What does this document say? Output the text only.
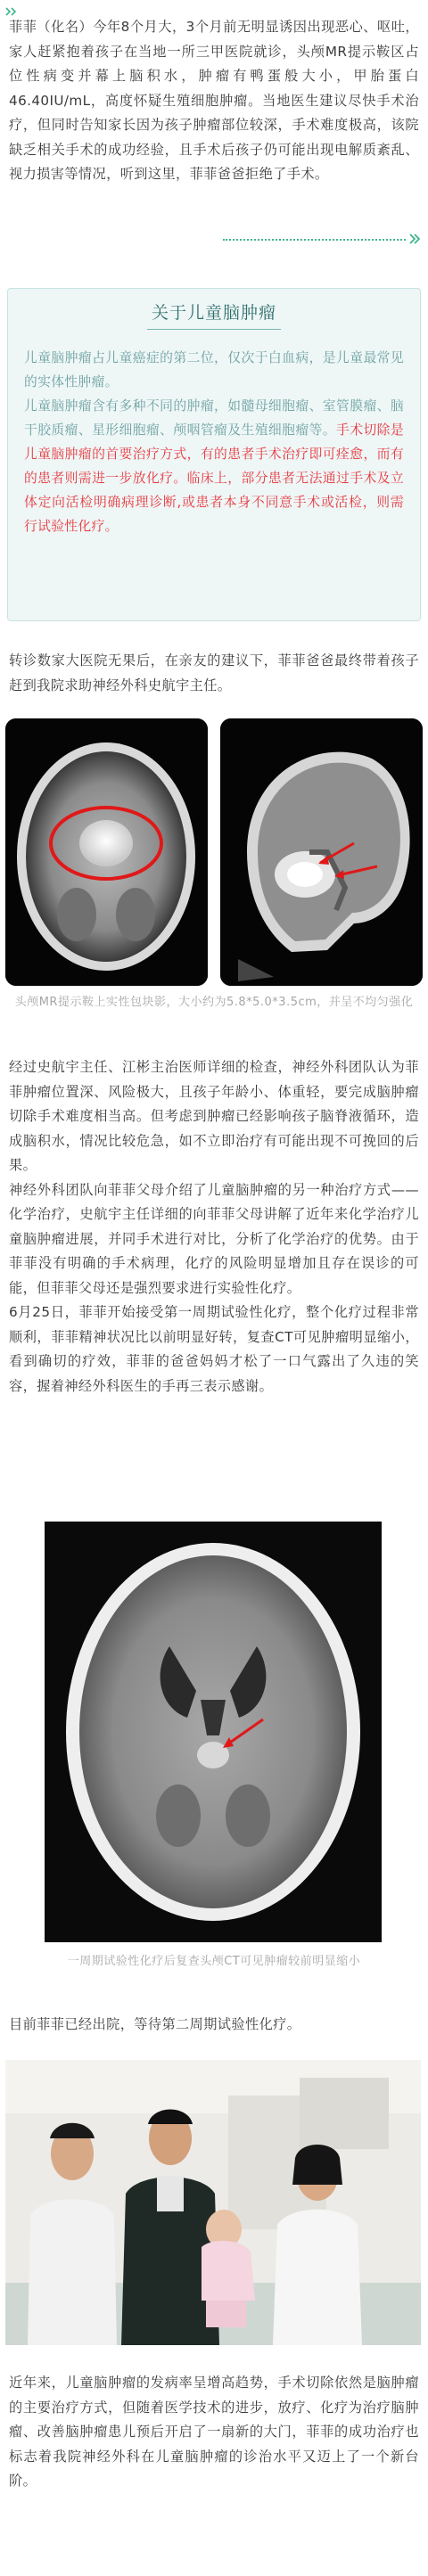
菲菲（化名）今年8个月大，3个月前无明显诱因出现恶心、呕吐，家人赶紧抱着孩子在当地一所三甲医院就诊，头颅MR提示鞍区占位性病变并幕上脑积水，肿瘤有鸭蛋般大小，甲胎蛋白46.40IU/mL，高度怀疑生殖细胞肿瘤。当地医生建议尽快手术治疗，但同时告知家长因为孩子肿瘤部位较深，手术难度极高，该院缺乏相关手术的成功经验，且手术后孩子仍可能出现电解质紊乱、视力损害等情况，听到这里，菲菲爸爸拒绝了手术。

关于儿童脑肿瘤

儿童脑肿瘤占儿童癌症的第二位，仅次于白血病，是儿童最常见的实体性肿瘤。

儿童脑肿瘤含有多种不同的肿瘤，如髓母细胞瘤、室管膜瘤、脑干胶质瘤、星形细胞瘤、颅咽管瘤及生殖细胞瘤等。手术切除是儿童脑肿瘤的首要治疗方式，有的患者手术治疗即可痊愈，而有的患者则需进一步放化疗。临床上，部分患者无法通过手术及立体定向活检明确病理诊断,或患者本身不同意手术或活检，则需行试验性化疗。

转诊数家大医院无果后，在亲友的建议下，菲菲爸爸最终带着孩子赶到我院求助神经外科史航宇主任。

头颅MR提示鞍上实性包块影，大小约为5.8*5.0*3.5cm，并呈不均匀强化

经过史航宇主任、江彬主治医师详细的检查，神经外科团队认为菲菲肿瘤位置深、风险极大，且孩子年龄小、体重轻，要完成脑肿瘤切除手术难度相当高。但考虑到肿瘤已经影响孩子脑脊液循环，造成脑积水，情况比较危急，如不立即治疗有可能出现不可挽回的后果。

神经外科团队向菲菲父母介绍了儿童脑肿瘤的另一种治疗方式——化学治疗，史航宇主任详细的向菲菲父母讲解了近年来化学治疗儿童脑肿瘤进展，并同手术进行对比，分析了化学治疗的优势。由于菲菲没有明确的手术病理，化疗的风险明显增加且存在误诊的可能，但菲菲父母还是强烈要求进行实验性化疗。

6月25日，菲菲开始接受第一周期试验性化疗，整个化疗过程非常顺利，菲菲精神状况比以前明显好转，复查CT可见肿瘤明显缩小，看到确切的疗效，菲菲的爸爸妈妈才松了一口气露出了久违的笑容，握着神经外科医生的手再三表示感谢。

一周期试验性化疗后复查头颅CT可见肿瘤较前明显缩小

目前菲菲已经出院，等待第二周期试验性化疗。

近年来，儿童脑肿瘤的发病率呈增高趋势，手术切除依然是脑肿瘤的主要治疗方式，但随着医学技术的进步，放疗、化疗为治疗脑肿瘤、改善脑肿瘤患儿预后开启了一扇新的大门，菲菲的成功治疗也标志着我院神经外科在儿童脑肿瘤的诊治水平又迈上了一个新台阶。
